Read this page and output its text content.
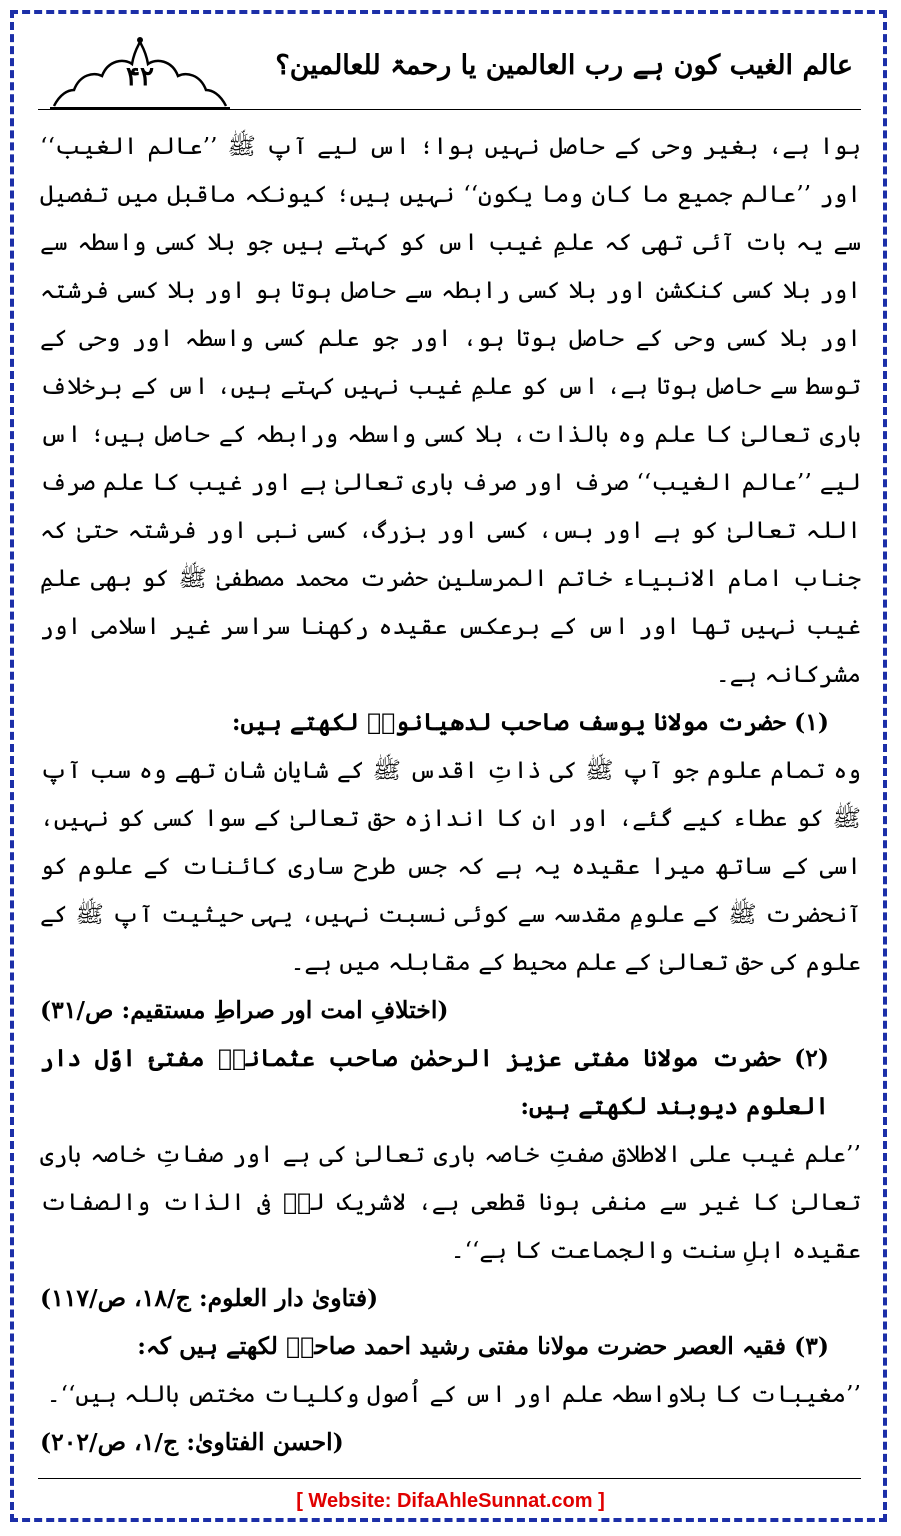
۴۲	عالم الغیب کون ہے رب العالمین یا رحمۃ للعالمین؟

ہوا ہے، بغیر وحی کے حاصل نہیں ہوا؛ اس لیے آپ ﷺ ’’عالم الغیب‘‘ اور ’’عالم جمیع ما کان وما یکون‘‘ نہیں ہیں؛ کیونکہ ماقبل میں تفصیل سے یہ بات آئی تھی کہ علمِ غیب اس کو کہتے ہیں جو بلا کسی واسطہ سے اور بلا کسی کنکشن اور بلا کسی رابطہ سے حاصل ہوتا ہو اور بلا کسی فرشتہ اور بلا کسی وحی کے حاصل ہوتا ہو، اور جو علم کسی واسطہ اور وحی کے توسط سے حاصل ہوتا ہے، اس کو علمِ غیب نہیں کہتے ہیں، اس کے برخلاف باری تعالیٰ کا علم وہ بالذات، بلا کسی واسطہ ورابطہ کے حاصل ہیں؛ اس لیے ’’عالم الغیب‘‘ صرف اور صرف باری تعالیٰ ہے اور غیب کا علم صرف اللہ تعالیٰ کو ہے اور بس، کسی اور بزرگ، کسی نبی اور فرشتہ حتیٰ کہ جناب امام الانبیاء خاتم المرسلین حضرت محمد مصطفیٰ ﷺ کو بھی علمِ غیب نہیں تھا اور اس کے برعکس عقیدہ رکھنا سراسر غیر اسلامی اور مشرکانہ ہے۔

(۱) حضرت مولانا یوسف صاحب لدھیانویؒ لکھتے ہیں:

وہ تمام علوم جو آپ ﷺ کی ذاتِ اقدس ﷺ کے شایانِ شان تھے وہ سب آپ ﷺ کو عطاء کیے گئے، اور ان کا اندازہ حق تعالیٰ کے سوا کسی کو نہیں، اسی کے ساتھ میرا عقیدہ یہ ہے کہ جس طرح ساری کائنات کے علوم کو آنحضرت ﷺ کے علومِ مقدسہ سے کوئی نسبت نہیں، یہی حیثیت آپ ﷺ کے علوم کی حق تعالیٰ کے علم محیط کے مقابلہ میں ہے۔

(اختلافِ امت اور صراطِ مستقیم: ص/۳۱)

(۲) حضرت مولانا مفتی عزیز الرحمٰن صاحب عثمانیؒ مفتیٔ اوّل دار العلوم دیوبند لکھتے ہیں:

’’علم غیب علی الاطلاق صفتِ خاصہ باری تعالیٰ کی ہے اور صفاتِ خاصہ باری تعالیٰ کا غیر سے منفی ہونا قطعی ہے، لاشریک لہٗ فی الذات والصفات عقیدہ اہلِ سنت والجماعت کا ہے‘‘۔

(فتاویٰ دار العلوم: ج/۱۸، ص/۱۱۷)

(۳) فقیہ العصر حضرت مولانا مفتی رشید احمد صاحبؒ لکھتے ہیں کہ:

’’مغیبات کا بلاواسطہ علم اور اس کے اُصول وکلیات مختص باللہ ہیں‘‘۔

(احسن الفتاویٰ: ج/۱، ص/۲۰۲)

[ Website: DifaAhleSunnat.com ]
